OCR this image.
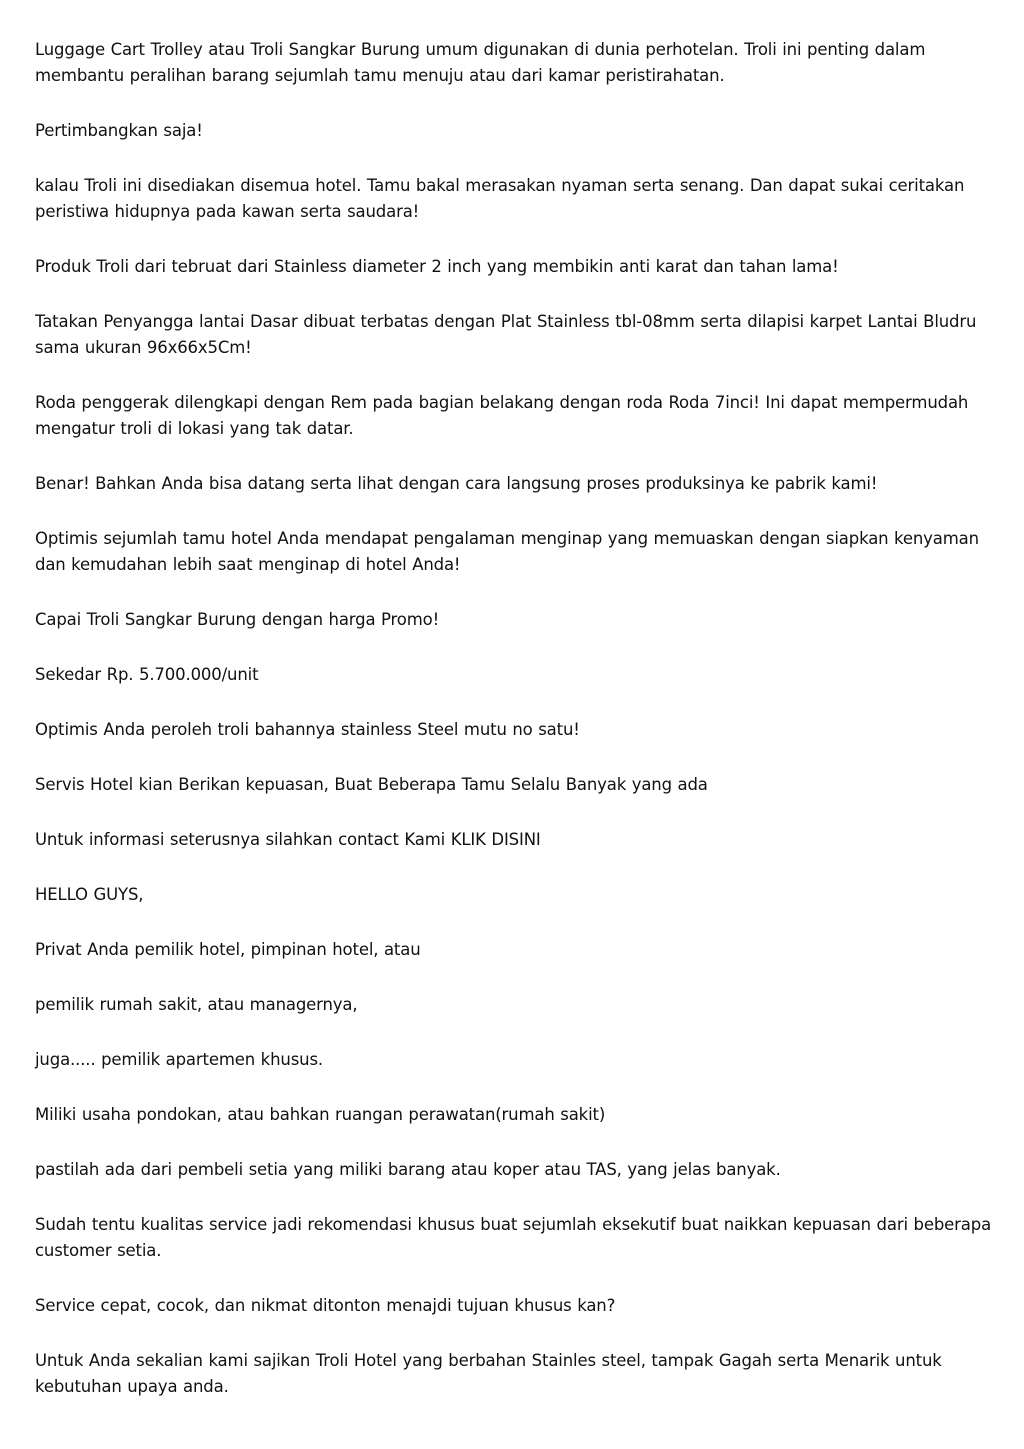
Luggage Cart Trolley atau Troli Sangkar Burung umum digunakan di dunia perhotelan. Troli ini penting dalam membantu peralihan barang sejumlah tamu menuju atau dari kamar peristirahatan.

Pertimbangkan saja!

kalau Troli ini disediakan disemua hotel. Tamu bakal merasakan nyaman serta senang. Dan dapat sukai ceritakan peristiwa hidupnya pada kawan serta saudara!

Produk Troli dari tebruat dari Stainless diameter 2 inch yang membikin anti karat dan tahan lama!

Tatakan Penyangga lantai Dasar dibuat terbatas dengan Plat Stainless tbl-08mm serta dilapisi karpet Lantai Bludru sama ukuran 96x66x5Cm!

Roda penggerak dilengkapi dengan Rem pada bagian belakang dengan roda Roda 7inci! Ini dapat mempermudah mengatur troli di lokasi yang tak datar.

Benar! Bahkan Anda bisa datang serta lihat dengan cara langsung proses produksinya ke pabrik kami!

Optimis sejumlah tamu hotel Anda mendapat pengalaman menginap yang memuaskan dengan siapkan kenyaman dan kemudahan lebih saat menginap di hotel Anda!

Capai Troli Sangkar Burung dengan harga Promo!

Sekedar Rp. 5.700.000/unit

Optimis Anda peroleh troli bahannya stainless Steel mutu no satu!

Servis Hotel kian Berikan kepuasan, Buat Beberapa Tamu Selalu Banyak yang ada

Untuk informasi seterusnya silahkan contact Kami KLIK DISINI

HELLO GUYS,

Privat Anda pemilik hotel, pimpinan hotel, atau

pemilik rumah sakit, atau managernya,

juga..... pemilik apartemen khusus.

Miliki usaha pondokan, atau bahkan ruangan perawatan(rumah sakit)

pastilah ada dari pembeli setia yang miliki barang atau koper atau TAS, yang jelas banyak.

Sudah tentu kualitas service jadi rekomendasi khusus buat sejumlah eksekutif buat naikkan kepuasan dari beberapa customer setia.

Service cepat, cocok, dan nikmat ditonton menajdi tujuan khusus kan?

Untuk Anda sekalian kami sajikan Troli Hotel yang berbahan Stainles steel, tampak Gagah serta Menarik untuk kebutuhan upaya anda.
